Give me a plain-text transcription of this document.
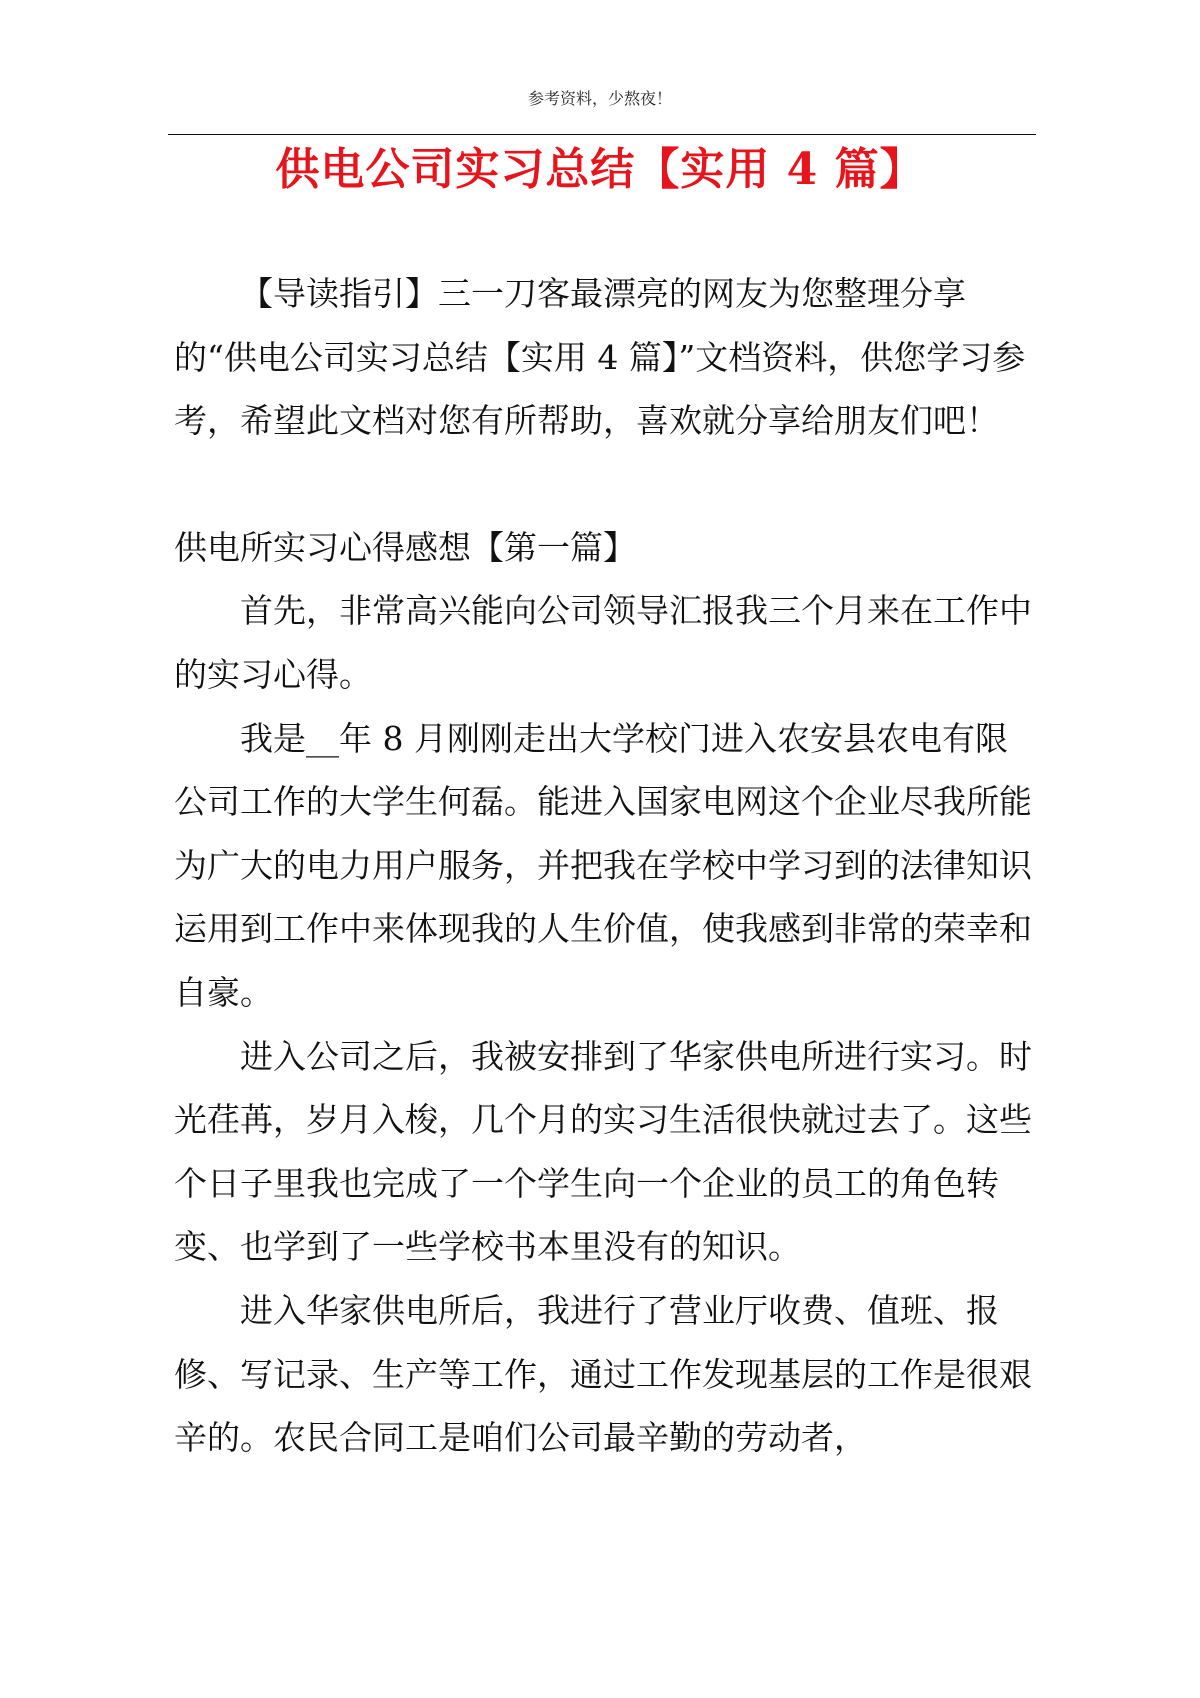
参考资料，少熬夜！
供电公司实习总结【实用 4 篇】

【导读指引】三一刀客最漂亮的网友为您整理分享的“供电公司实习总结【实用 4 篇】”文档资料，供您学习参考，希望此文档对您有所帮助，喜欢就分享给朋友们吧！

供电所实习心得感想【第一篇】

首先，非常高兴能向公司领导汇报我三个月来在工作中的实习心得。

我是__年 8 月刚刚走出大学校门进入农安县农电有限公司工作的大学生何磊。能进入国家电网这个企业尽我所能为广大的电力用户服务，并把我在学校中学习到的法律知识运用到工作中来体现我的人生价值，使我感到非常的荣幸和自豪。

进入公司之后，我被安排到了华家供电所进行实习。时光荏苒，岁月入梭，几个月的实习生活很快就过去了。这些个日子里我也完成了一个学生向一个企业的员工的角色转变、也学到了一些学校书本里没有的知识。

进入华家供电所后，我进行了营业厅收费、值班、报修、写记录、生产等工作，通过工作发现基层的工作是很艰辛的。农民合同工是咱们公司最辛勤的劳动者，
